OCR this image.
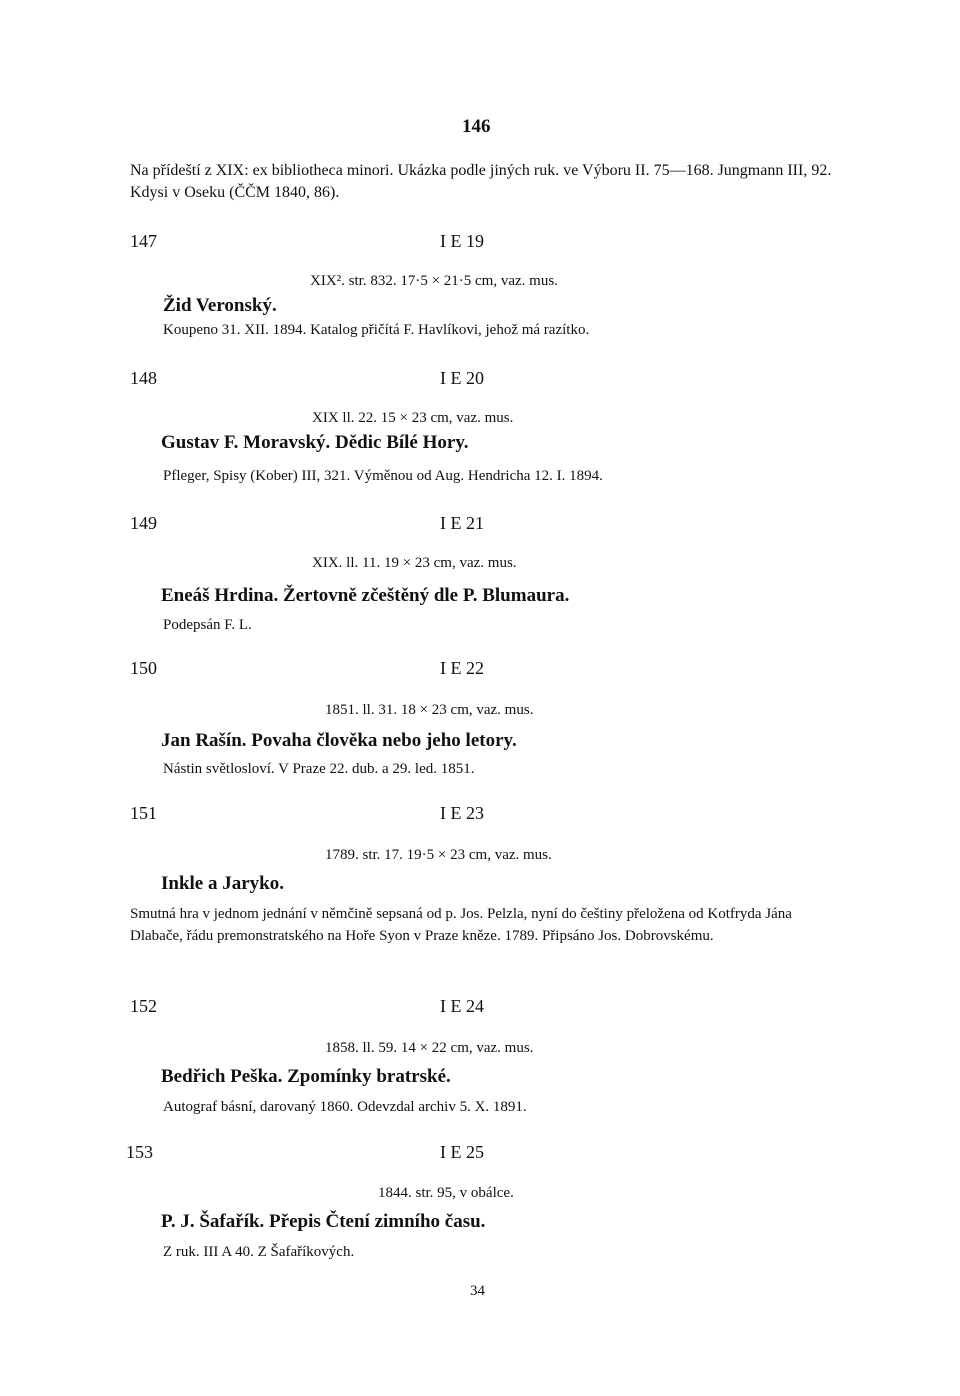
146
Na přídeští z XIX: ex bibliotheca minori. Ukázka podle jiných ruk. ve Výboru II. 75—168. Jungmann III, 92. Kdysi v Oseku (ČČM 1840, 86).
147	I E 19
XIX². str. 832. 17·5 × 21·5 cm, vaz. mus.
Žid Veronský.
Koupeno 31. XII. 1894. Katalog přičítá F. Havlíkovi, jehož má razítko.
148	I E 20
XIX ll. 22. 15 × 23 cm, vaz. mus.
Gustav F. Moravský. Dědic Bílé Hory.
Pfleger, Spisy (Kober) III, 321. Výměnou od Aug. Hendricha 12. I. 1894.
149	I E 21
XIX. ll. 11. 19 × 23 cm, vaz. mus.
Eneáš Hrdina. Žertovně zčeštěný dle P. Blumaura.
Podepsán F. L.
150	I E 22
1851. ll. 31. 18 × 23 cm, vaz. mus.
Jan Rašín. Povaha člověka nebo jeho letory.
Nástin světlosloví. V Praze 22. dub. a 29. led. 1851.
151	I E 23
1789. str. 17. 19·5 × 23 cm, vaz. mus.
Inkle a Jaryko.
Smutná hra v jednom jednání v němčině sepsaná od p. Jos. Pelzla, nyní do češtiny přeložena od Kotfryda Jána Dlabače, řádu premonstratského na Hoře Syon v Praze kněze. 1789. Připsáno Jos. Dobrovskému.
152	I E 24
1858. ll. 59. 14 × 22 cm, vaz. mus.
Bedřich Peška. Zpomínky bratrské.
Autograf básní, darovaný 1860. Odevzdal archiv 5. X. 1891.
153	I E 25
1844. str. 95, v obálce.
P. J. Šafařík. Přepis Čtení zimního času.
Z ruk. III A 40. Z Šafaříkových.
34
